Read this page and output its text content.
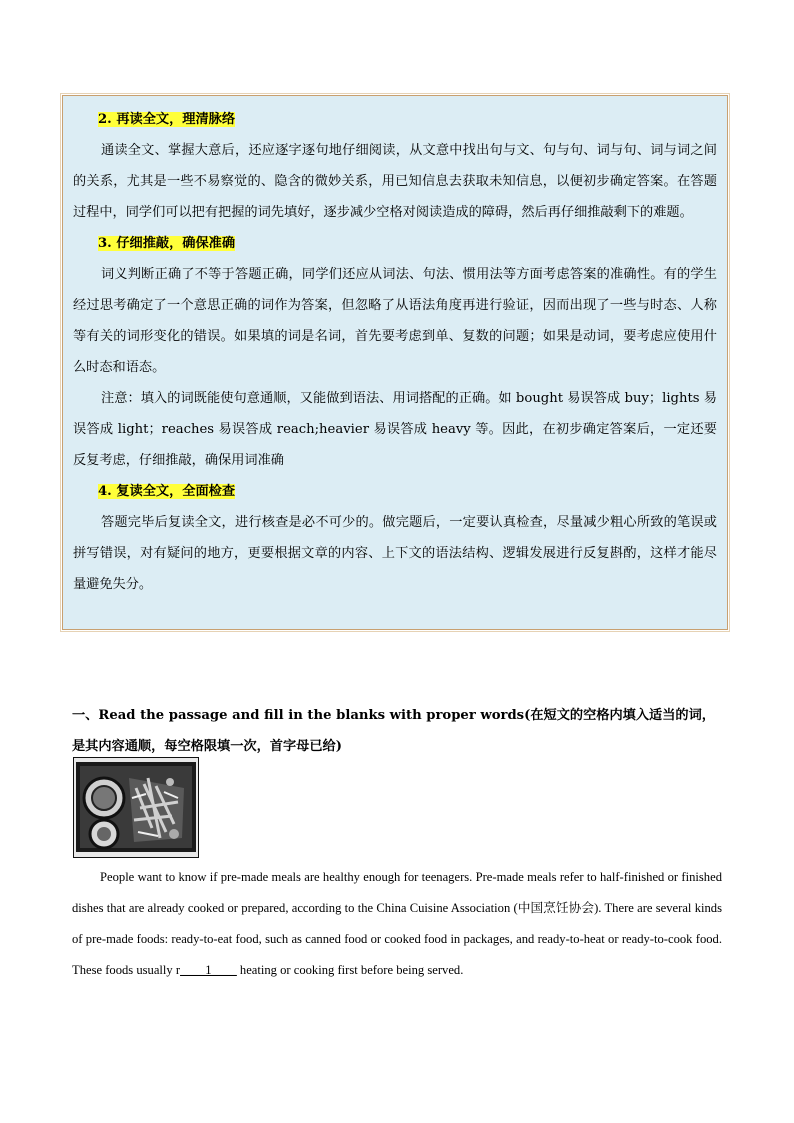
2. 再读全文，理清脉络

通读全文、掌握大意后，还应逐字逐句地仔细阅读，从文意中找出句与文、句与句、词与句、词与词之间的关系，尤其是一些不易察觉的、隐含的微妙关系，用已知信息去获取未知信息，以便初步确定答案。在答题过程中，同学们可以把有把握的词先填好，逐步减少空格对阅读造成的障碍，然后再仔细推敲剩下的难题。

3. 仔细推敲，确保准确

词义判断正确了不等于答题正确，同学们还应从词法、句法、惯用法等方面考虑答案的准确性。有的学生经过思考确定了一个意思正确的词作为答案，但忽略了从语法角度再进行验证，因而出现了一些与时态、人称等有关的词形变化的错误。如果填的词是名词，首先要考虑到单、复数的问题；如果是动词，要考虑应使用什么时态和语态。

注意：填入的词既能使句意通顺，又能做到语法、用词搭配的正确。如 bought 易误答成 buy；lights 易误答成 light；reaches 易误答成 reach;heavier 易误答成 heavy 等。因此，在初步确定答案后，一定还要反复考虑，仔细推敲，确保用词准确

4. 复读全文，全面检查

答题完毕后复读全文，进行核查是必不可少的。做完题后，一定要认真检查，尽量减少粗心所致的笔误或拼写错误，对有疑问的地方，更要根据文章的内容、上下文的语法结构、逻辑发展进行反复斟酌，这样才能尽量避免失分。

一、Read the passage and fill in the blanks with proper words(在短文的空格内填入适当的词，是其内容通顺，每空格限填一次，首字母已给)

People want to know if pre-made meals are healthy enough for teenagers. Pre-made meals refer to half-finished or finished dishes that are already cooked or prepared, according to the China Cuisine Association (中国烹饪协会). There are several kinds of pre-made foods: ready-to-eat food, such as canned food or cooked food in packages, and ready-to-heat or ready-to-cook food. These foods usually r____1____ heating or cooking first before being served.
